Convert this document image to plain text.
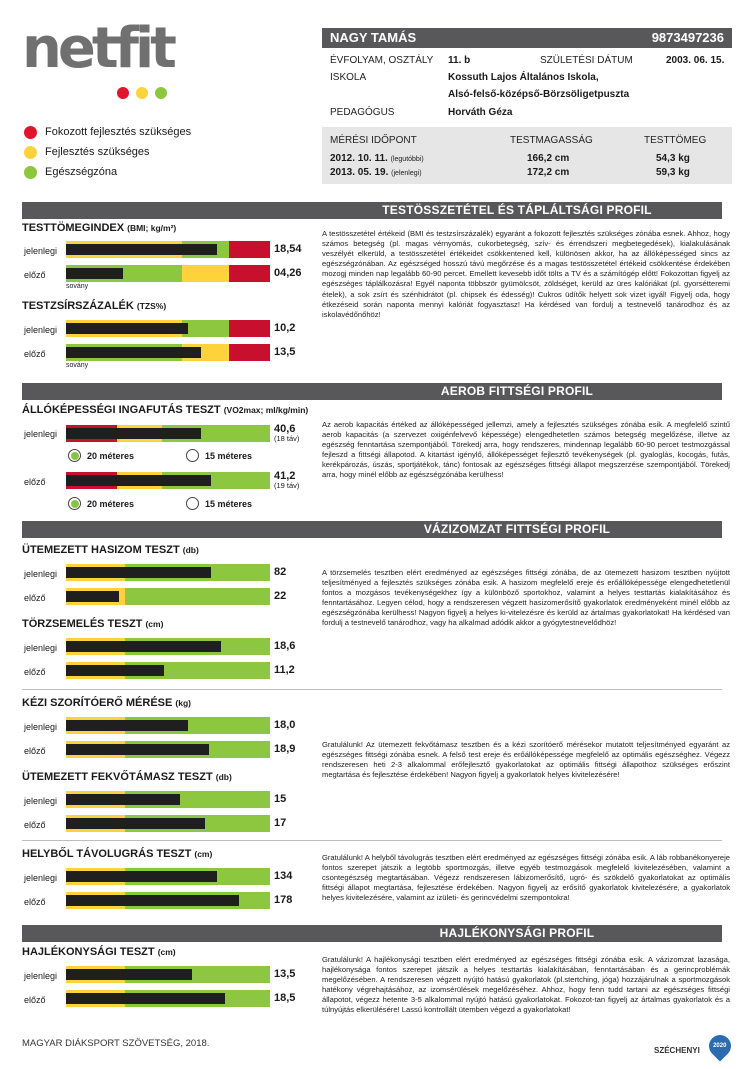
netfit
Fokozott fejlesztés szükséges
Fejlesztés szükséges
Egészségzóna
NAGY TAMÁS	9873497236
ÉVFOLYAM, OSZTÁLY 11. b	SZÜLETÉSI DÁTUM	2003. 06. 15.
ISKOLA	Kossuth Lajos Általános Iskola,
Alsó-felső-középső-Börzsöligetpuszta
PEDAGÓGUS	Horváth Géza
MÉRÉSI IDŐPONT	TESTMAGASSÁG	TESTTÖMEG
2012. 10. 11. (legutóbbi)	166,2 cm	54,3 kg
2013. 05. 19. (jelenlegi)	172,2 cm	59,3 kg
TESTÖSSZETÉTEL ÉS TÁPLÁLTSÁGI PROFIL
TESTTÖMEGINDEX (BMI; kg/m²)
jelenlegi	18,54
előző	04,26
sovány
TESTZSÍRSZÁZALÉK (TZS%)
jelenlegi	10,2
előző	13,5
sovány
A testösszetétel értékeid (BMI és testzsírszázalék) egyaránt a fokozott fejlesztés szükséges zónába esnek. Ahhoz, hogy számos betegség (pl. magas vérnyomás, cukorbetegség, szív- és érrendszeri megbetegedések), kialakulásának veszélyét elkerüld, a testösszetétel értékeidet csökkentened kell, különösen akkor, ha az állóképességed sincs az egészségzónában. Az egészséged hosszú távú megőrzése és a magas testösszetétel értékeid csökkentése érdekében mozogj minden nap legalább 60-90 percet. Emellett kevesebb időt tölts a TV és a számítógép előtt! Fokozottan figyelj az egészséges táplálkozásra! Egyél naponta többször gyümölcsöt, zöldséget, kerüld az üres kalóriákat (pl. gyorsétteremi ételek), a sok zsírt és szénhidrátot (pl. chipsek és édesség)! Cukros üdítők helyett sok vizet igyál! Figyelj oda, hogy étkezéseid során naponta mennyi kalóriát fogyasztasz! Ha kérdésed van fordulj a testnevelő tanárodhoz és az iskolavédőnőhöz!
AEROB FITTSÉGI PROFIL
ÁLLÓKÉPESSÉGI INGAFUTÁS TESZT (VO2max; ml/kg/min)
jelenlegi	40,6
(18 táv)
20 méteres	15 méteres
előző	41,2
(19 táv)
20 méteres	15 méteres
Az aerob kapacitás értéked az állóképességed jellemzi, amely a fejlesztés szükséges zónába esik. A megfelelő szintű aerob kapacitás (a szervezet oxigénfelvevő képessége) elengedhetetlen számos betegség megelőzése, illetve az egészség fenntartása szempontjából. Törekedj arra, hogy rendszeres, mindennap legalább 60-90 percet testmozgással fejleszd a fittségi állapotod. A kitartást igénylő, állóképességet fejlesztő tevékenységek (pl. gyaloglás, kocogás, futás, kerékpározás, úszás, sportjátékok, tánc) fontosak az egészséges fittségi állapot megszerzése szempontjából. Törekedj arra, hogy minél előbb az egészségzónába kerülhess!
VÁZIZOMZAT FITTSÉGI PROFIL
ÜTEMEZETT HASIZOM TESZT (db)
jelenlegi	82
előző	22
TÖRZSEMELÉS TESZT (cm)
jelenlegi	18,6
előző	11,2
A törzsemelés tesztben elért eredményed az egészséges fittségi zónába, de az ütemezett hasizom tesztben nyújtott teljesítményed a fejlesztés szükséges zónába esik. A hasizom megfelelő ereje és erőállóképessége elengedhetetlenül fontos a mozgásos tevékenységekhez így a különböző sportokhoz, valamint a helyes testtartás kialakításához és fenntartásához. Legyen célod, hogy a rendszeresen végzett hasizomerősítő gyakorlatok eredményeként minél előbb az egészségzónába kerülhess! Nagyon figyelj a helyes ki-vitelezésre és kerüld az ártalmas gyakorlatokat! Ha kérdésed van fordulj a testnevelő tanárodhoz, vagy ha alkalmad adódik akkor a gyógytestnevelődhöz!
KÉZI SZORÍTÓERŐ MÉRÉSE (kg)
jelenlegi	18,0
előző	18,9
ÜTEMEZETT FEKVŐTÁMASZ TESZT (db)
jelenlegi	15
előző	17
Gratulálunk! Az ütemezett fekvőtámasz tesztben és a kézi szorítóerő mérésekor mutatott teljesítményed egyaránt az egészséges fittségi zónába esnek. A felső test ereje és erőállóképessége megfelelő az optimális egészséghez. Végezz rendszeresen heti 2-3 alkalommal erőfejlesztő gyakorlatokat az optimális fittségi állapothoz szükséges erőszint megtartása és fejlesztése érdekében! Nagyon figyelj a gyakorlatok helyes kivitelezésére!
HELYBŐL TÁVOLUGRÁS TESZT (cm)
jelenlegi	134
előző	178
Gratulálunk! A helyből távolugrás tesztben elért eredményed az egészséges fittségi zónába esik. A láb robbanékonyerejе fontos szerepet játszik a legtöbb sportmozgás, illetve egyéb testmozgások megfelelő kivitelezésében, valamint a csontegészség megtartásában. Végezz rendszeresen lábizomerősítő, ugró- és szökdelő gyakorlatokat az optimális fittségi állapot megtartása, fejlesztése érdekében. Nagyon figyelj az erősítő gyakorlatok kivitelezésére, a gyakorlatok helyes kivitelezésére, valamint az izületi- és gerincvédelmi szempontokra!
HAJLÉKONYSÁGI PROFIL
HAJLÉKONYSÁGI TESZT (cm)
jelenlegi	13,5
előző	18,5
Gratulálunk! A hajlékonysági tesztben elért eredményed az egészséges fittségi zónába esik. A vázizomzat lazasága, hajlékonysága fontos szerepet játszik a helyes testtartás kialakításában, fenntartásában és a gerincproblémák megelőzésében. A rendszeresen végzett nyújtó hatású gyakorlatok (pl.stertching, jóga) hozzájárulnak a sportmozgások hatékony végrehajtásához, az izomsérülések megelőzéséhez. Ahhoz, hogy fenn tudd tartani az egészséges fittségi állapotot, végezz hetente 3-5 alkalommal nyújtó hatású gyakorlatokat. Fokozot-tan figyelj az ártalmas gyakorlatok és a túlnyújtás elkerülésére! Lassú kontrollált ütemben végezd a gyakorlatokat!
MAGYAR DIÁKSPORT SZÖVETSÉG, 2018.
SZÉCHENYI 2020
